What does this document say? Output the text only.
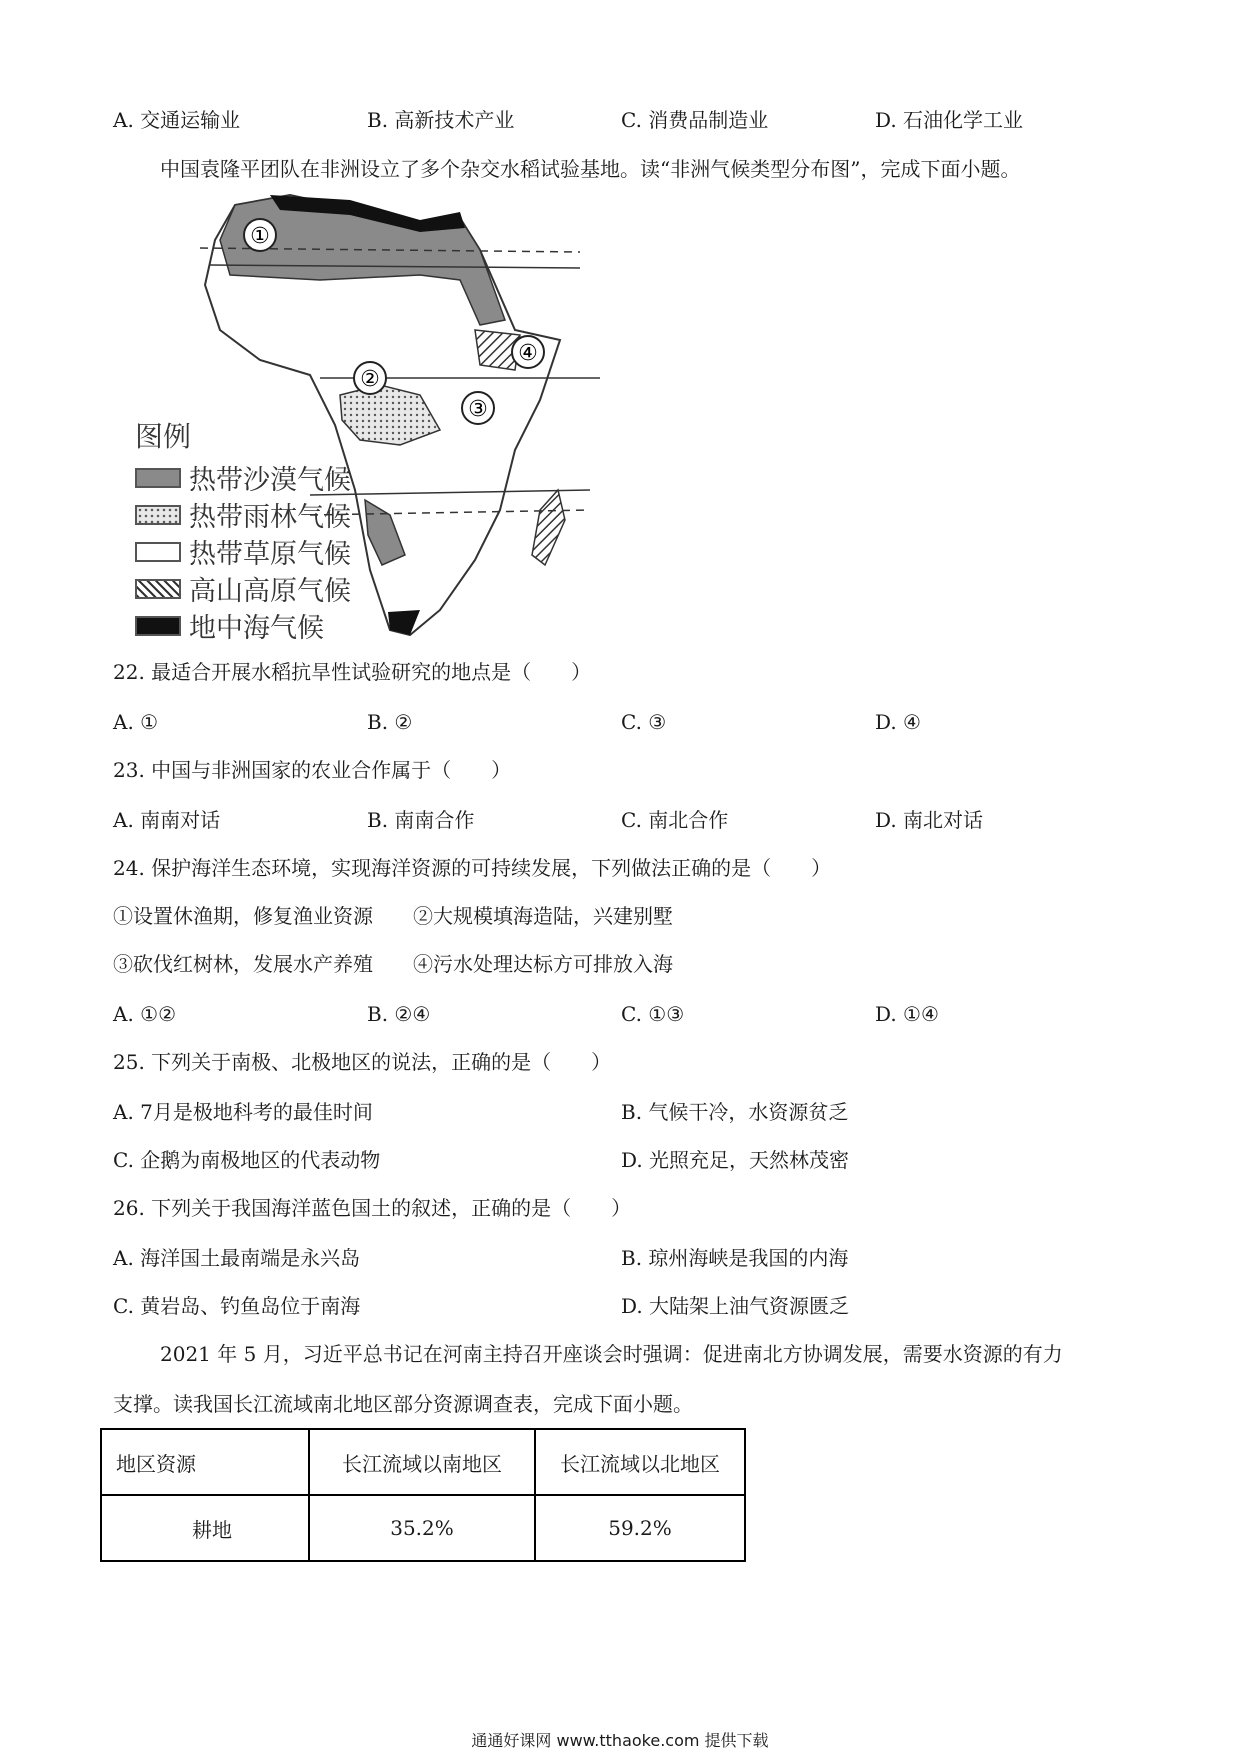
A. 交通运输业	B. 高新技术产业	C. 消费品制造业	D. 石油化学工业
中国袁隆平团队在非洲设立了多个杂交水稻试验基地。读“非洲气候类型分布图”，完成下面小题。
①
②
③
④
图例
热带沙漠气候
热带雨林气候
热带草原气候
高山高原气候
地中海气候
22. 最适合开展水稻抗旱性试验研究的地点是（　　）
A. ①	B. ②	C. ③	D. ④
23. 中国与非洲国家的农业合作属于（　　）
A. 南南对话	B. 南南合作	C. 南北合作	D. 南北对话
24. 保护海洋生态环境，实现海洋资源的可持续发展，下列做法正确的是（　　）
①设置休渔期，修复渔业资源　　②大规模填海造陆，兴建别墅
③砍伐红树林，发展水产养殖　　④污水处理达标方可排放入海
A. ①②	B. ②④	C. ①③	D. ①④
25. 下列关于南极、北极地区的说法，正确的是（　　）
A. 7月是极地科考的最佳时间	B. 气候干冷，水资源贫乏
C. 企鹅为南极地区的代表动物	D. 光照充足，天然林茂密
26. 下列关于我国海洋蓝色国土的叙述，正确的是（　　）
A. 海洋国土最南端是永兴岛	B. 琼州海峡是我国的内海
C. 黄岩岛、钓鱼岛位于南海	D. 大陆架上油气资源匮乏
2021 年 5 月，习近平总书记在河南主持召开座谈会时强调：促进南北方协调发展，需要水资源的有力
支撑。读我国长江流域南北地区部分资源调查表，完成下面小题。
地区资源	长江流域以南地区	长江流域以北地区
耕地	35.2%	59.2%
通通好课网 www.tthaoke.com 提供下载
